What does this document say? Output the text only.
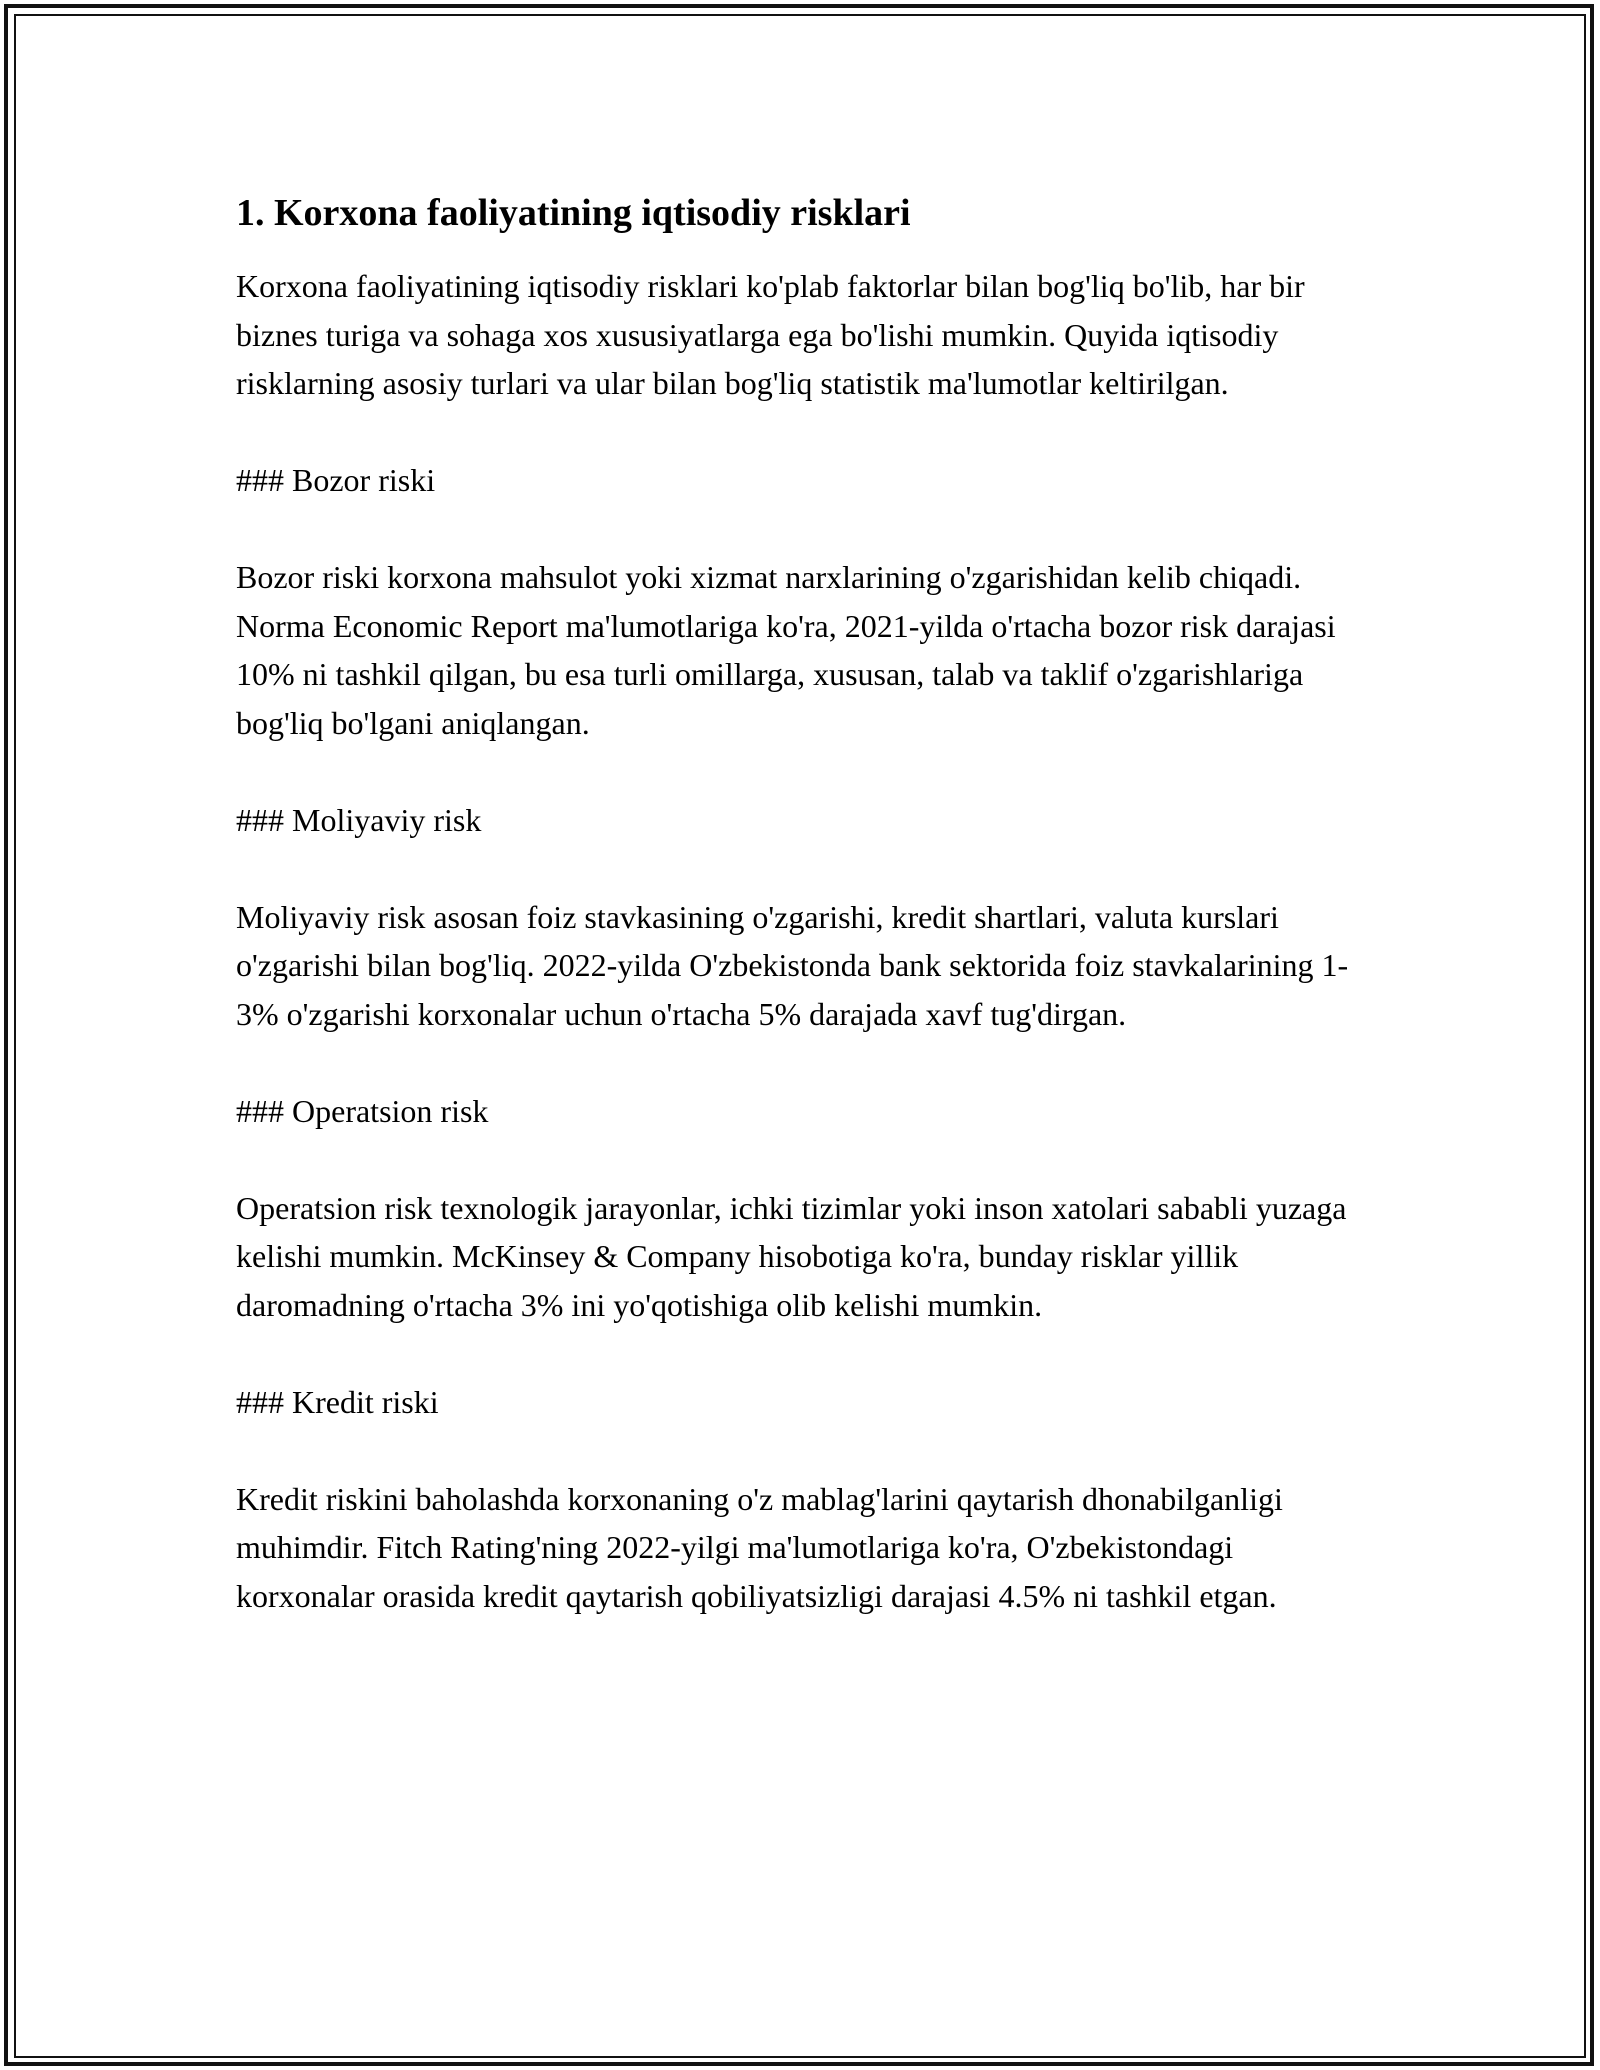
1. Korxona faoliyatining iqtisodiy risklari

Korxona faoliyatining iqtisodiy risklari ko'plab faktorlar bilan bog'liq bo'lib, har bir biznes turiga va sohaga xos xususiyatlarga ega bo'lishi mumkin. Quyida iqtisodiy risklarning asosiy turlari va ular bilan bog'liq statistik ma'lumotlar keltirilgan.

### Bozor riski

Bozor riski korxona mahsulot yoki xizmat narxlarining o'zgarishidan kelib chiqadi. Norma Economic Report ma'lumotlariga ko'ra, 2021-yilda o'rtacha bozor risk darajasi 10% ni tashkil qilgan, bu esa turli omillarga, xususan, talab va taklif o'zgarishlariga bog'liq bo'lgani aniqlangan.

### Moliyaviy risk

Moliyaviy risk asosan foiz stavkasining o'zgarishi, kredit shartlari, valuta kurslari o'zgarishi bilan bog'liq. 2022-yilda O'zbekistonda bank sektorida foiz stavkalarining 1-3% o'zgarishi korxonalar uchun o'rtacha 5% darajada xavf tug'dirgan.

### Operatsion risk

Operatsion risk texnologik jarayonlar, ichki tizimlar yoki inson xatolari sababli yuzaga kelishi mumkin. McKinsey & Company hisobotiga ko'ra, bunday risklar yillik daromadning o'rtacha 3% ini yo'qotishiga olib kelishi mumkin.

### Kredit riski

Kredit riskini baholashda korxonaning o'z mablag'larini qaytarish dhonabilganligi muhimdir. Fitch Rating'ning 2022-yilgi ma'lumotlariga ko'ra, O'zbekistondagi korxonalar orasida kredit qaytarish qobiliyatsizligi darajasi 4.5% ni tashkil etgan.
